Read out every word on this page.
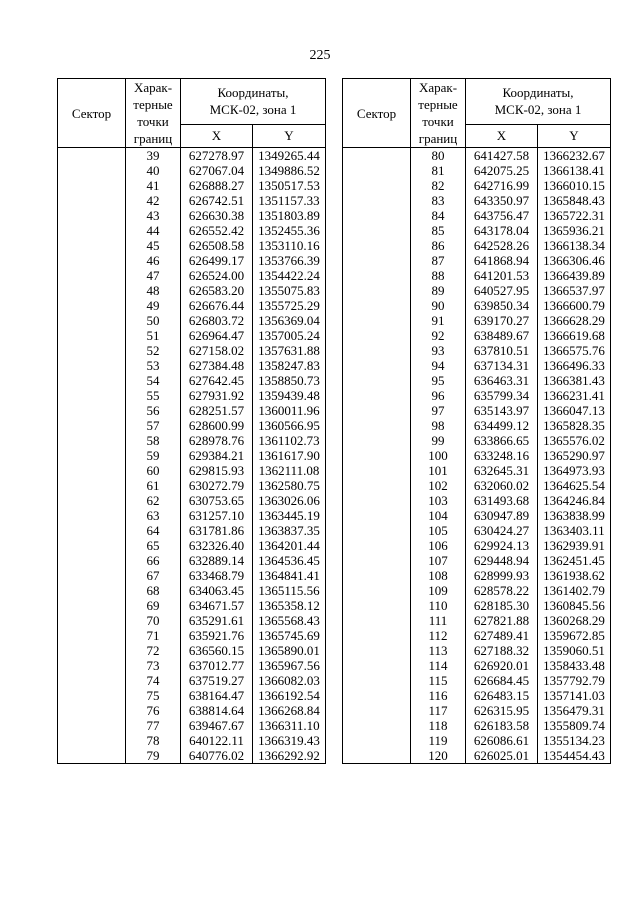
225
Сектор	Харак-
терные
точки
границ	Координаты,
МСК-02, зона 1	
		X	Y
	39	627278.97	1349265.44
	40	627067.04	1349886.52
	41	626888.27	1350517.53
	42	626742.51	1351157.33
	43	626630.38	1351803.89
	44	626552.42	1352455.36
	45	626508.58	1353110.16
	46	626499.17	1353766.39
	47	626524.00	1354422.24
	48	626583.20	1355075.83
	49	626676.44	1355725.29
	50	626803.72	1356369.04
	51	626964.47	1357005.24
	52	627158.02	1357631.88
	53	627384.48	1358247.83
	54	627642.45	1358850.73
	55	627931.92	1359439.48
	56	628251.57	1360011.96
	57	628600.99	1360566.95
	58	628978.76	1361102.73
	59	629384.21	1361617.90
	60	629815.93	1362111.08
	61	630272.79	1362580.75
	62	630753.65	1363026.06
	63	631257.10	1363445.19
	64	631781.86	1363837.35
	65	632326.40	1364201.44
	66	632889.14	1364536.45
	67	633468.79	1364841.41
	68	634063.45	1365115.56
	69	634671.57	1365358.12
	70	635291.61	1365568.43
	71	635921.76	1365745.69
	72	636560.15	1365890.01
	73	637012.77	1365967.56
	74	637519.27	1366082.03
	75	638164.47	1366192.54
	76	638814.64	1366268.84
	77	639467.67	1366311.10
	78	640122.11	1366319.43
	79	640776.02	1366292.92
Сектор	Харак-
терные
точки
границ	Координаты,
МСК-02, зона 1	
		X	Y
	80	641427.58	1366232.67
	81	642075.25	1366138.41
	82	642716.99	1366010.15
	83	643350.97	1365848.43
	84	643756.47	1365722.31
	85	643178.04	1365936.21
	86	642528.26	1366138.34
	87	641868.94	1366306.46
	88	641201.53	1366439.89
	89	640527.95	1366537.97
	90	639850.34	1366600.79
	91	639170.27	1366628.29
	92	638489.67	1366619.68
	93	637810.51	1366575.76
	94	637134.31	1366496.33
	95	636463.31	1366381.43
	96	635799.34	1366231.41
	97	635143.97	1366047.13
	98	634499.12	1365828.35
	99	633866.65	1365576.02
	100	633248.16	1365290.97
	101	632645.31	1364973.93
	102	632060.02	1364625.54
	103	631493.68	1364246.84
	104	630947.89	1363838.99
	105	630424.27	1363403.11
	106	629924.13	1362939.91
	107	629448.94	1362451.45
	108	628999.93	1361938.62
	109	628578.22	1361402.79
	110	628185.30	1360845.56
	111	627821.88	1360268.29
	112	627489.41	1359672.85
	113	627188.32	1359060.51
	114	626920.01	1358433.48
	115	626684.45	1357792.79
	116	626483.15	1357141.03
	117	626315.95	1356479.31
	118	626183.58	1355809.74
	119	626086.61	1355134.23
	120	626025.01	1354454.43
